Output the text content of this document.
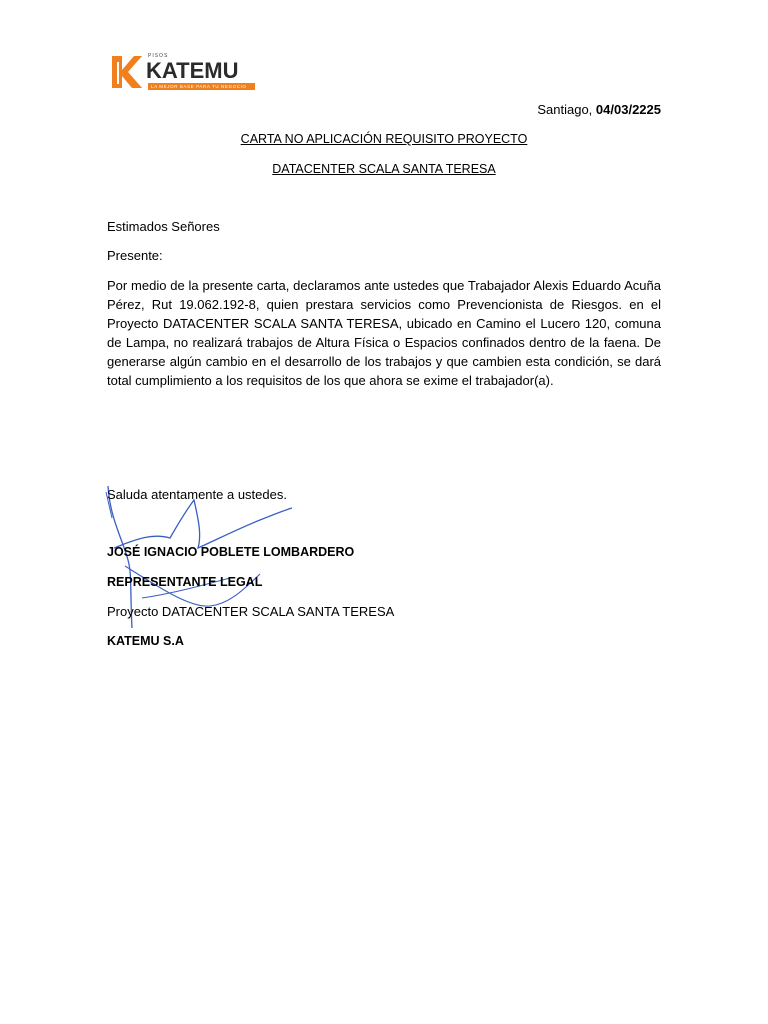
PISOS
KATEMU
LA MEJOR BASE PARA TU NEGOCIO
Santiago, 04/03/2225
CARTA NO APLICACIÓN REQUISITO PROYECTO
DATACENTER SCALA SANTA TERESA
Estimados Señores
Presente:
Por medio de la presente carta, declaramos ante ustedes que Trabajador Alexis Eduardo Acuña Pérez, Rut 19.062.192-8, quien prestara servicios como Prevencionista de Riesgos. en el Proyecto DATACENTER SCALA SANTA TERESA, ubicado en Camino el Lucero 120, comuna de Lampa, no realizará trabajos de Altura Física o Espacios confinados dentro de la faena. De generarse algún cambio en el desarrollo de los trabajos y que cambien esta condición, se dará total cumplimiento a los requisitos de los que ahora se exime el trabajador(a).
Saluda atentamente a ustedes.
JOSÉ IGNACIO POBLETE LOMBARDERO
REPRESENTANTE LEGAL
Proyecto DATACENTER SCALA SANTA TERESA
KATEMU S.A
